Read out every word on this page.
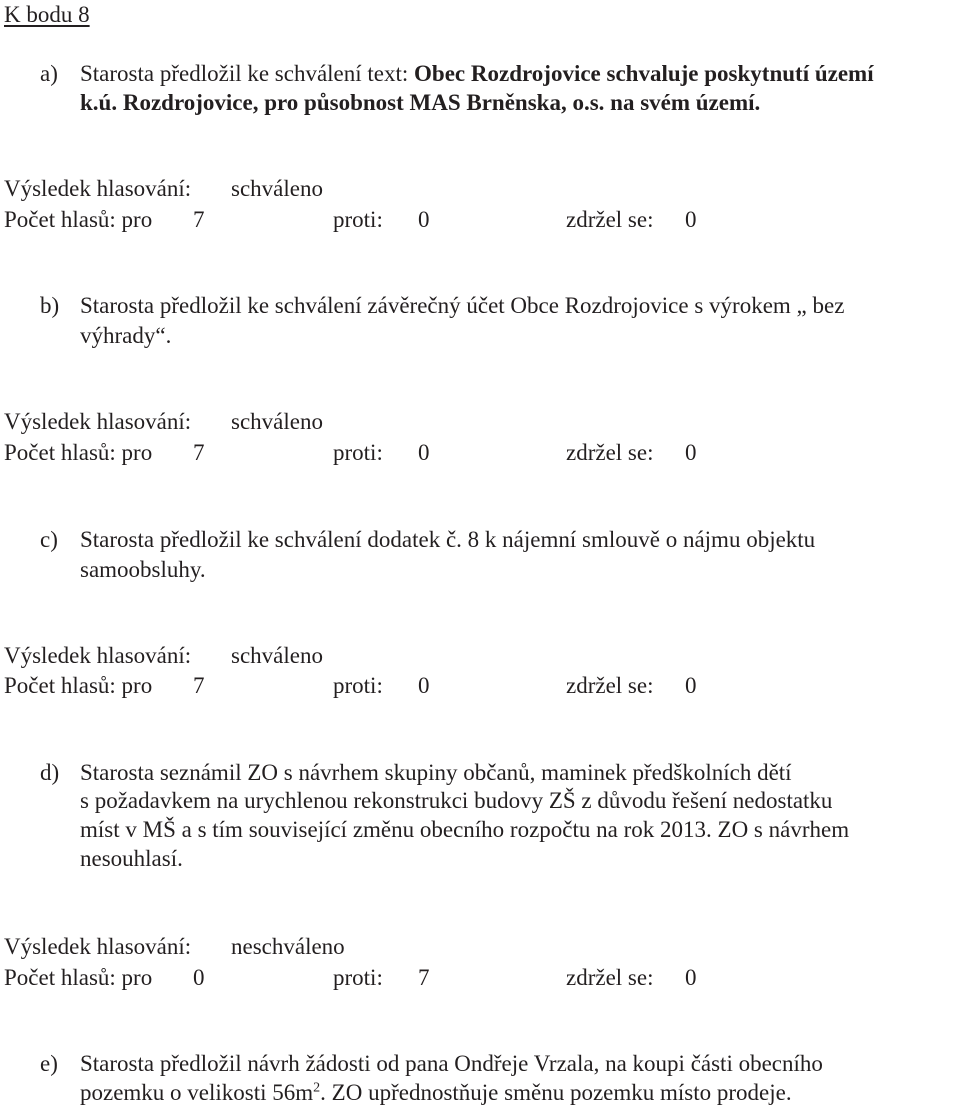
K bodu 8
a) Starosta předložil ke schválení text: Obec Rozdrojovice schvaluje poskytnutí území
k.ú. Rozdrojovice, pro působnost MAS Brněnska, o.s. na svém území.
Výsledek hlasování: schváleno
Počet hlasů: pro 7	proti: 0	zdržel se: 0
b) Starosta předložil ke schválení závěrečný účet Obce Rozdrojovice s výrokem „ bez
výhrady“.
Výsledek hlasování: schváleno
Počet hlasů: pro 7	proti: 0	zdržel se: 0
c) Starosta předložil ke schválení dodatek č. 8 k nájemní smlouvě o nájmu objektu
samoobsluhy.
Výsledek hlasování: schváleno
Počet hlasů: pro 7	proti: 0	zdržel se: 0
d) Starosta seznámil ZO s návrhem skupiny občanů, maminek předškolních dětí
s požadavkem na urychlenou rekonstrukci budovy ZŠ z důvodu řešení nedostatku
míst v MŠ a s tím související změnu obecního rozpočtu na rok 2013. ZO s návrhem
nesouhlasí.
Výsledek hlasování: neschváleno
Počet hlasů: pro 0	proti: 7	zdržel se: 0
e) Starosta předložil návrh žádosti od pana Ondřeje Vrzala, na koupi části obecního
pozemku o velikosti $56m^2$. ZO upřednostňuje směnu pozemku místo prodeje.
